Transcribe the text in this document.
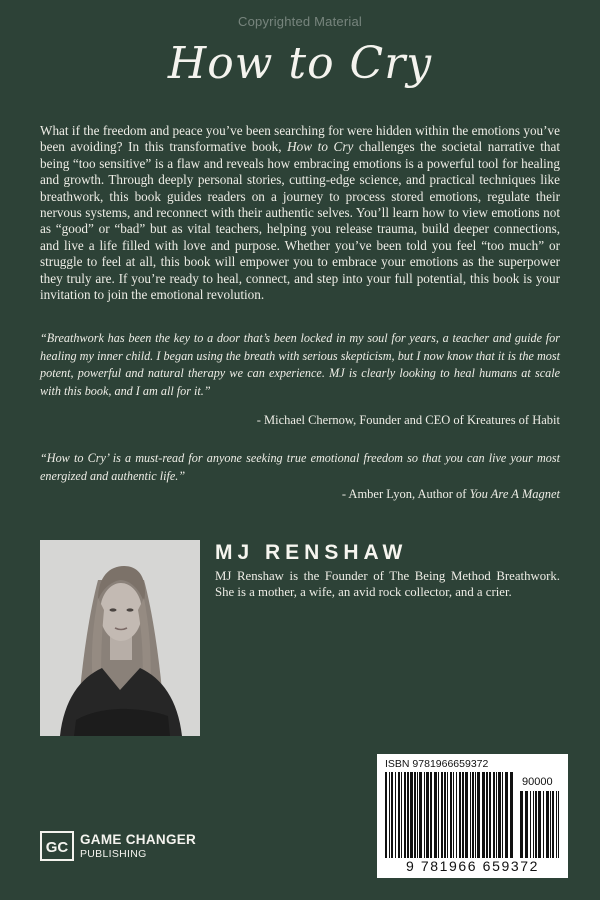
Copyrighted Material
How to Cry

What if the freedom and peace you’ve been searching for were hidden within the emotions you’ve been avoiding? In this transformative book, How to Cry challenges the societal narrative that being “too sensitive” is a flaw and reveals how embracing emotions is a powerful tool for healing and growth. Through deeply personal stories, cutting-edge science, and practical techniques like breathwork, this book guides readers on a journey to process stored emotions, regulate their nervous systems, and reconnect with their authentic selves. You’ll learn how to view emotions not as “good” or “bad” but as vital teachers, helping you release trauma, build deeper connections, and live a life filled with love and purpose. Whether you’ve been told you feel “too much” or struggle to feel at all, this book will empower you to embrace your emotions as the superpower they truly are. If you’re ready to heal, connect, and step into your full potential, this book is your invitation to join the emotional revolution.

“Breathwork has been the key to a door that’s been locked in my soul for years, a teacher and guide for healing my inner child. I began using the breath with serious skepticism, but I now know that it is the most potent, powerful and natural therapy we can experience. MJ is clearly looking to heal humans at scale with this book, and I am all for it.”

- Michael Chernow, Founder and CEO of Kreatures of Habit

“How to Cry’ is a must-read for anyone seeking true emotional freedom so that you can live your most energized and authentic life.”

- Amber Lyon, Author of You Are A Magnet
MJ RENSHAW

MJ Renshaw is the Founder of The Being Method Breathwork. She is a mother, a wife, an avid rock collector, and a crier.

ISBN 9781966659372
90000
9 781966 659372
GC GAME CHANGER
PUBLISHING
